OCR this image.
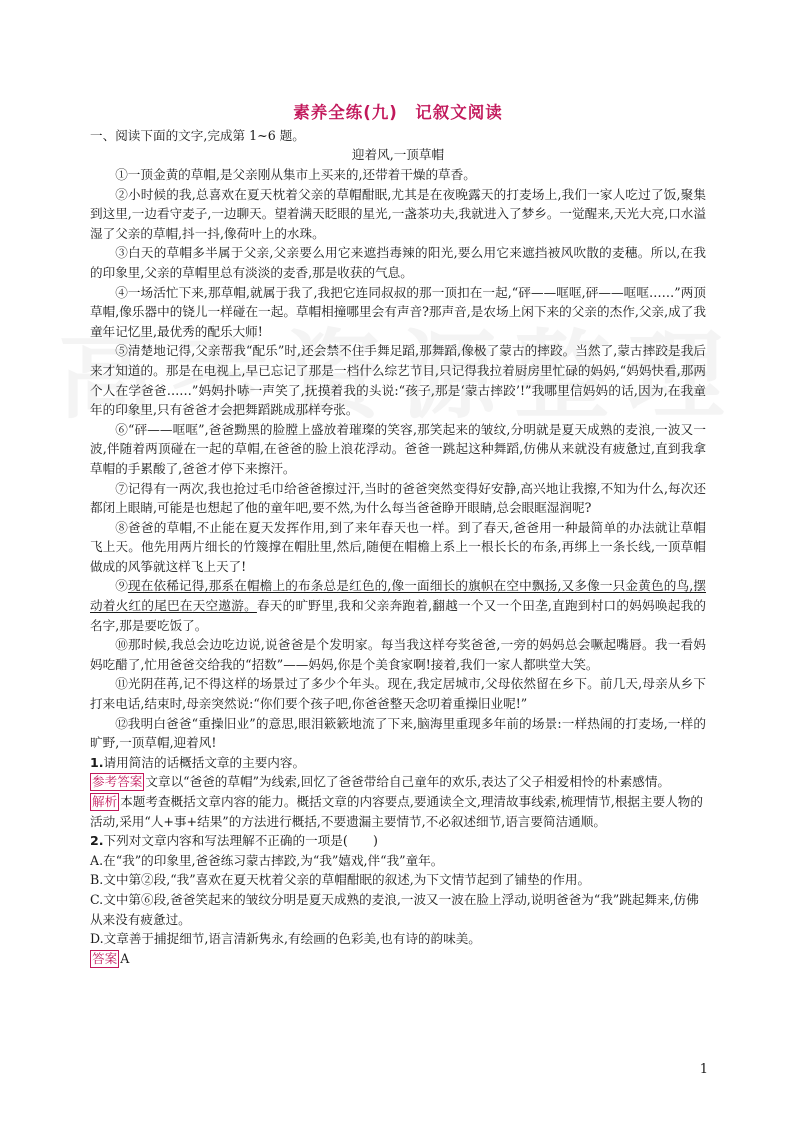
素养全练(九)　记叙文阅读

一、阅读下面的文字,完成第 1~6 题。

迎着风,一顶草帽

①一顶金黄的草帽,是父亲刚从集市上买来的,还带着干燥的草香。

②小时候的我,总喜欢在夏天枕着父亲的草帽酣眠,尤其是在夜晚露天的打麦场上,我们一家人吃过了饭,聚集到这里,一边看守麦子,一边聊天。望着满天眨眼的星光,一盏茶功夫,我就进入了梦乡。一觉醒来,天光大亮,口水溢湿了父亲的草帽,抖一抖,像荷叶上的水珠。

③白天的草帽多半属于父亲,父亲要么用它来遮挡毒辣的阳光,要么用它来遮挡被风吹散的麦穗。所以,在我的印象里,父亲的草帽里总有淡淡的麦香,那是收获的气息。

④一场活忙下来,那草帽,就属于我了,我把它连同叔叔的那一顶扣在一起,“砰——哐哐,砰——哐哐……”两顶草帽,像乐器中的铙儿一样碰在一起。草帽相撞哪里会有声音?那声音,是农场上闲下来的父亲的杰作,父亲,成了我童年记忆里,最优秀的配乐大师!

⑤清楚地记得,父亲帮我“配乐”时,还会禁不住手舞足蹈,那舞蹈,像极了蒙古的摔跤。当然了,蒙古摔跤是我后来才知道的。那是在电视上,早已忘记了那是一档什么综艺节目,只记得我拉着厨房里忙碌的妈妈,“妈妈快看,那两个人在学爸爸……”妈妈扑哧一声笑了,抚摸着我的头说:“孩子,那是‘蒙古摔跤’!”我哪里信妈妈的话,因为,在我童年的印象里,只有爸爸才会把舞蹈跳成那样夸张。

⑥“砰——哐哐”,爸爸黝黑的脸膛上盛放着璀璨的笑容,那笑起来的皱纹,分明就是夏天成熟的麦浪,一波又一波,伴随着两顶碰在一起的草帽,在爸爸的脸上浪花浮动。爸爸一跳起这种舞蹈,仿佛从来就没有疲惫过,直到我拿草帽的手累酸了,爸爸才停下来擦汗。

⑦记得有一两次,我也抢过毛巾给爸爸擦过汗,当时的爸爸突然变得好安静,高兴地让我擦,不知为什么,每次还都闭上眼睛,可能是也想起了他的童年吧,要不然,为什么每当爸爸睁开眼睛,总会眼眶湿润呢?

⑧爸爸的草帽,不止能在夏天发挥作用,到了来年春天也一样。到了春天,爸爸用一种最简单的办法就让草帽飞上天。他先用两片细长的竹篾撑在帽肚里,然后,随便在帽檐上系上一根长长的布条,再绑上一条长线,一顶草帽做成的风筝就这样飞上天了!

⑨现在依稀记得,那系在帽檐上的布条总是红色的,像一面细长的旗帜在空中飘扬,又多像一只金黄色的鸟,摆动着火红的尾巴在天空遨游。春天的旷野里,我和父亲奔跑着,翻越一个又一个田垄,直跑到村口的妈妈唤起我的名字,那是要吃饭了。

⑩那时候,我总会边吃边说,说爸爸是个发明家。每当我这样夸奖爸爸,一旁的妈妈总会噘起嘴唇。我一看妈妈吃醋了,忙用爸爸交给我的“招数”——妈妈,你是个美食家啊!接着,我们一家人都哄堂大笑。

⑪光阴荏苒,记不得这样的场景过了多少个年头。现在,我定居城市,父母依然留在乡下。前几天,母亲从乡下打来电话,结束时,母亲突然说:“你们要个孩子吧,你爸爸整天念叨着重操旧业呢!”

⑫我明白爸爸“重操旧业”的意思,眼泪簌簌地流了下来,脑海里重现多年前的场景:一样热闹的打麦场,一样的旷野,一顶草帽,迎着风!

1.请用简洁的话概括文章的主要内容。

参考答案 文章以“爸爸的草帽”为线索,回忆了爸爸带给自己童年的欢乐,表达了父子相爱相怜的朴素感情。

解析 本题考查概括文章内容的能力。概括文章的内容要点,要通读全文,理清故事线索,梳理情节,根据主要人物的活动,采用“人+事+结果”的方法进行概括,不要遗漏主要情节,不必叙述细节,语言要简洁通顺。

2.下列对文章内容和写法理解不正确的一项是(　　)

A.在“我”的印象里,爸爸练习蒙古摔跤,为“我”嬉戏,伴“我”童年。

B.文中第②段,“我”喜欢在夏天枕着父亲的草帽酣眠的叙述,为下文情节起到了铺垫的作用。

C.文中第⑥段,爸爸笑起来的皱纹分明是夏天成熟的麦浪,一波又一波在脸上浮动,说明爸爸为“我”跳起舞来,仿佛从来没有疲惫过。

D.文章善于捕捉细节,语言清新隽永,有绘画的色彩美,也有诗的韵味美。

答案 A

1
